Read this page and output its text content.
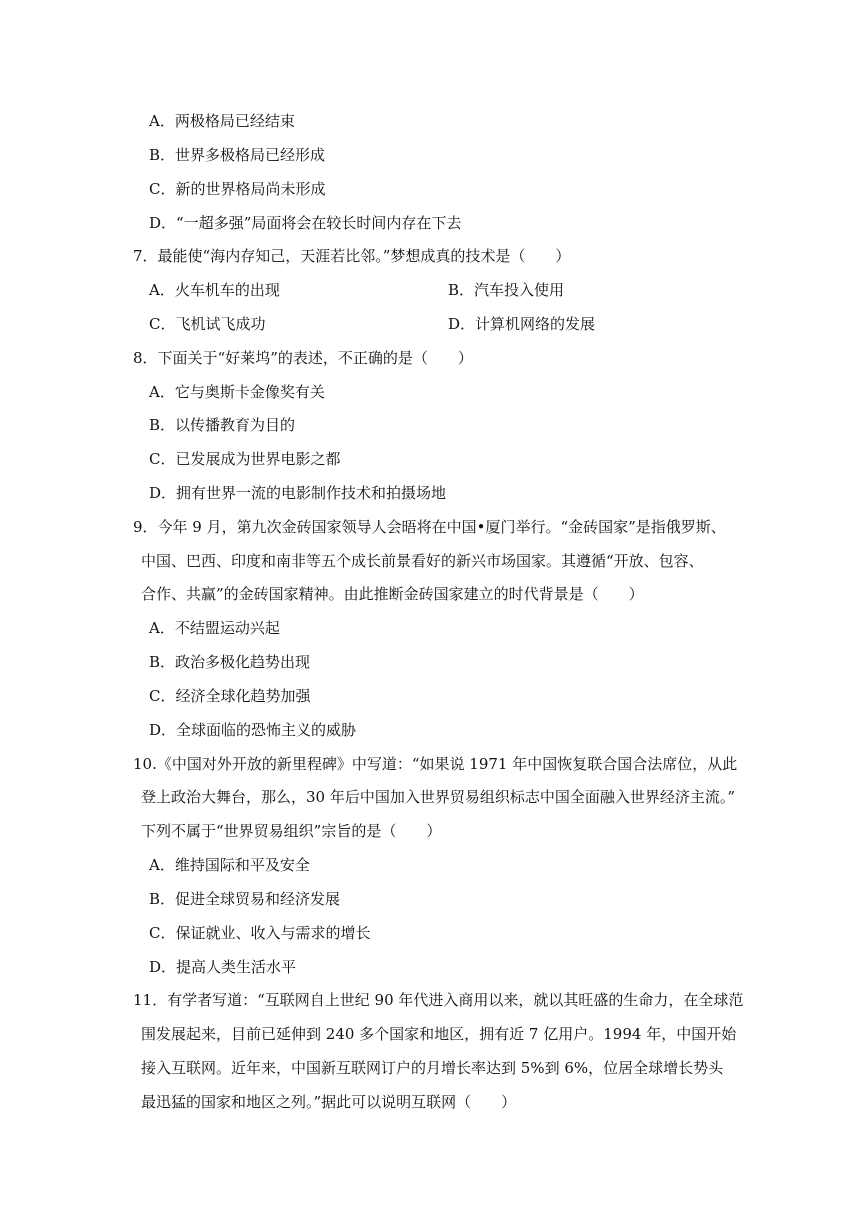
A．两极格局已经结束
B．世界多极格局已经形成
C．新的世界格局尚未形成
D．“一超多强”局面将会在较长时间内存在下去
7．最能使“海内存知己，天涯若比邻。”梦想成真的技术是（　　）
A．火车机车的出现	B．汽车投入使用
C．飞机试飞成功	D．计算机网络的发展
8．下面关于“好莱坞”的表述，不正确的是（　　）
A．它与奥斯卡金像奖有关
B．以传播教育为目的
C．已发展成为世界电影之都
D．拥有世界一流的电影制作技术和拍摄场地
9．今年 9 月，第九次金砖国家领导人会晤将在中国•厦门举行。“金砖国家”是指俄罗斯、
中国、巴西、印度和南非等五个成长前景看好的新兴市场国家。其遵循“开放、包容、
合作、共赢”的金砖国家精神。由此推断金砖国家建立的时代背景是（　　）
A．不结盟运动兴起
B．政治多极化趋势出现
C．经济全球化趋势加强
D．全球面临的恐怖主义的威胁
10.《中国对外开放的新里程碑》中写道：“如果说 1971 年中国恢复联合国合法席位，从此
登上政治大舞台，那么，30 年后中国加入世界贸易组织标志中国全面融入世界经济主流。”
下列不属于“世界贸易组织”宗旨的是（　　）
A．维持国际和平及安全
B．促进全球贸易和经济发展
C．保证就业、收入与需求的增长
D．提高人类生活水平
11．有学者写道：“互联网自上世纪 90 年代进入商用以来，就以其旺盛的生命力，在全球范
围发展起来，目前已延伸到 240 多个国家和地区，拥有近 7 亿用户。1994 年，中国开始
接入互联网。近年来，中国新互联网订户的月增长率达到 5%到 6%，位居全球增长势头
最迅猛的国家和地区之列。”据此可以说明互联网（　　）
